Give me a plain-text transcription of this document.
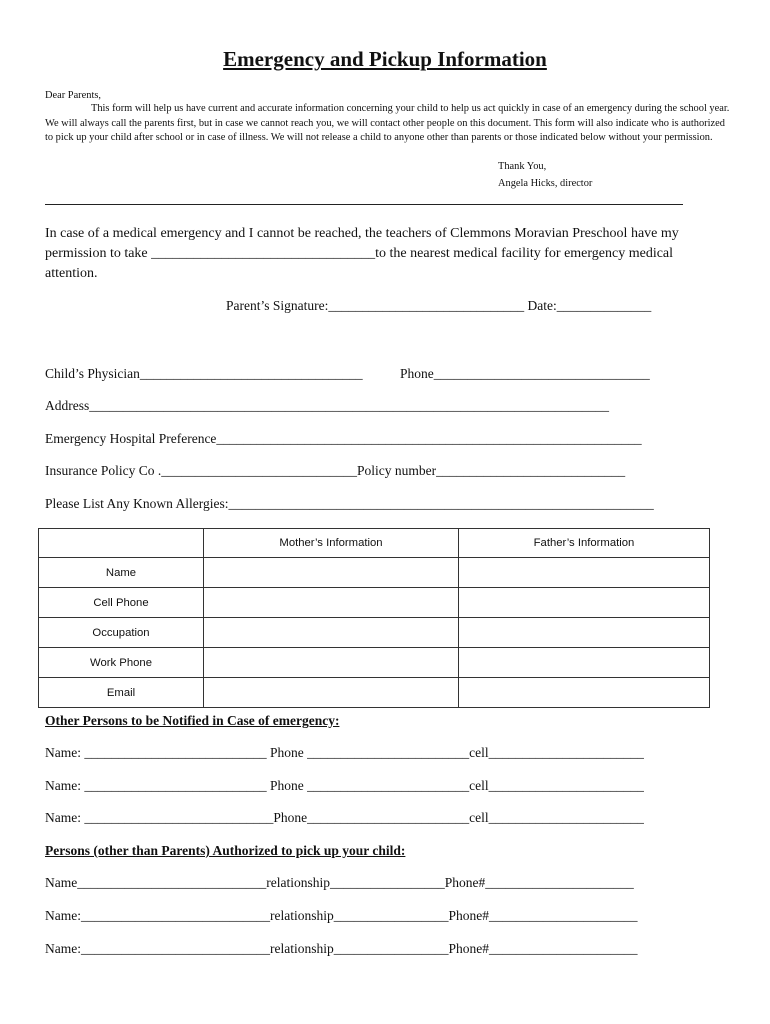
Emergency and Pickup Information
Dear Parents,
This form will help us have current and accurate information concerning your child to help us act quickly in case of an emergency during the school year. We will always call the parents first, but in case we cannot reach you, we will contact other people on this document. This form will also indicate who is authorized to pick up your child after school or in case of illness. We will not release a child to anyone other than parents or those indicated below without your permission.
Thank You,
Angela Hicks, director
In case of a medical emergency and I cannot be reached, the teachers of Clemmons Moravian Preschool have my
permission to take ________________________________to the nearest medical facility for emergency medical
attention.
Parent’s Signature:_____________________________ Date:______________
Child’s Physician_________________________________	Phone________________________________
Address_____________________________________________________________________________
Emergency Hospital Preference_______________________________________________________________
Insurance Policy Co ._____________________________Policy number____________________________
Please List Any Known Allergies:_______________________________________________________________
	Mother’s Information	Father’s Information
Name		
Cell Phone		
Occupation		
Work Phone		
Email		
Other Persons to be Notified in Case of emergency:
Name: ___________________________ Phone ________________________cell_______________________
Name: ___________________________ Phone ________________________cell_______________________
Name: ____________________________Phone________________________cell_______________________
Persons (other than Parents) Authorized to pick up your child:
Name____________________________relationship_________________Phone#______________________
Name:____________________________relationship_________________Phone#______________________
Name:____________________________relationship_________________Phone#______________________
